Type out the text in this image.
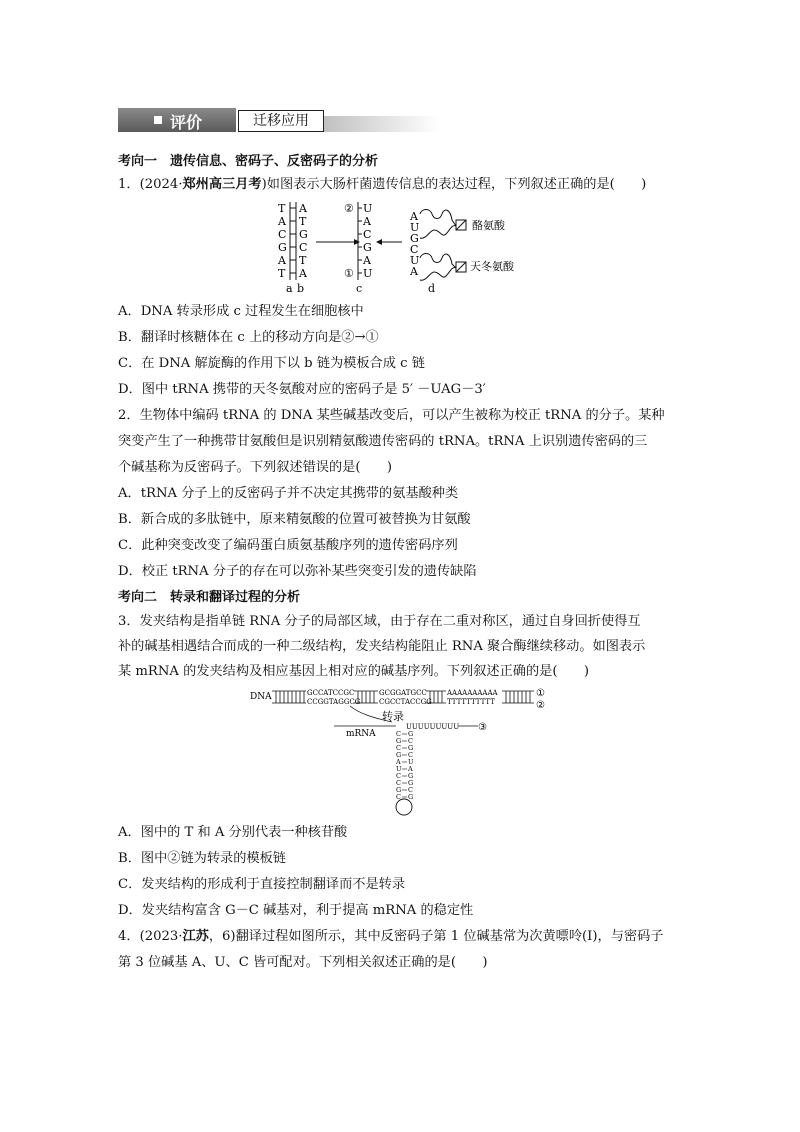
评价	迁移应用
考向一　遗传信息、密码子、反密码子的分析
1．(2024·郑州高三月考)如图表示大肠杆菌遗传信息的表达过程，下列叙述正确的是(　　)
T
A
C
G
A
T
A
T
G
C
T
A
a b
②
①
U
A
C
G
A
U
c
A
U
G
C
U
A
酪氨酸
天冬氨酸
d
A．DNA 转录形成 c 过程发生在细胞核中
B．翻译时核糖体在 c 上的移动方向是②→①
C．在 DNA 解旋酶的作用下以 b 链为模板合成 c 链
D．图中 tRNA 携带的天冬氨酸对应的密码子是 5′ －UAG－3′
2．生物体中编码 tRNA 的 DNA 某些碱基改变后，可以产生被称为校正 tRNA 的分子。某种
突变产生了一种携带甘氨酸但是识别精氨酸遗传密码的 tRNA。tRNA 上识别遗传密码的三
个碱基称为反密码子。下列叙述错误的是(　　)
A．tRNA 分子上的反密码子并不决定其携带的氨基酸种类
B．新合成的多肽链中，原来精氨酸的位置可被替换为甘氨酸
C．此种突变改变了编码蛋白质氨基酸序列的遗传密码序列
D．校正 tRNA 分子的存在可以弥补某些突变引发的遗传缺陷
考向二　转录和翻译过程的分析
3．发夹结构是指单链 RNA 分子的局部区域，由于存在二重对称区，通过自身回折使得互
补的碱基相遇结合而成的一种二级结构，发夹结构能阻止 RNA 聚合酶继续移动。如图表示
某 mRNA 的发夹结构及相应基因上相对应的碱基序列。下列叙述正确的是(　　)
DNA	GCCATCCGC
CCGGTAGGCG
GCGGATGCC
CGCCTACCGG
AAAAAAAAAA
TTTTTTTTTT
①
②
转录
mRNA
UUUUUUUUU ③
C
G
C
G
A
U
C
C
G
C
G
C
G
C
U
A
G
G
C
G
A．图中的 T 和 A 分别代表一种核苷酸
B．图中②链为转录的模板链
C．发夹结构的形成利于直接控制翻译而不是转录
D．发夹结构富含 G－C 碱基对，利于提高 mRNA 的稳定性
4．(2023·江苏，6)翻译过程如图所示，其中反密码子第 1 位碱基常为次黄嘌呤(I)，与密码子
第 3 位碱基 A、U、C 皆可配对。下列相关叙述正确的是(　　)
